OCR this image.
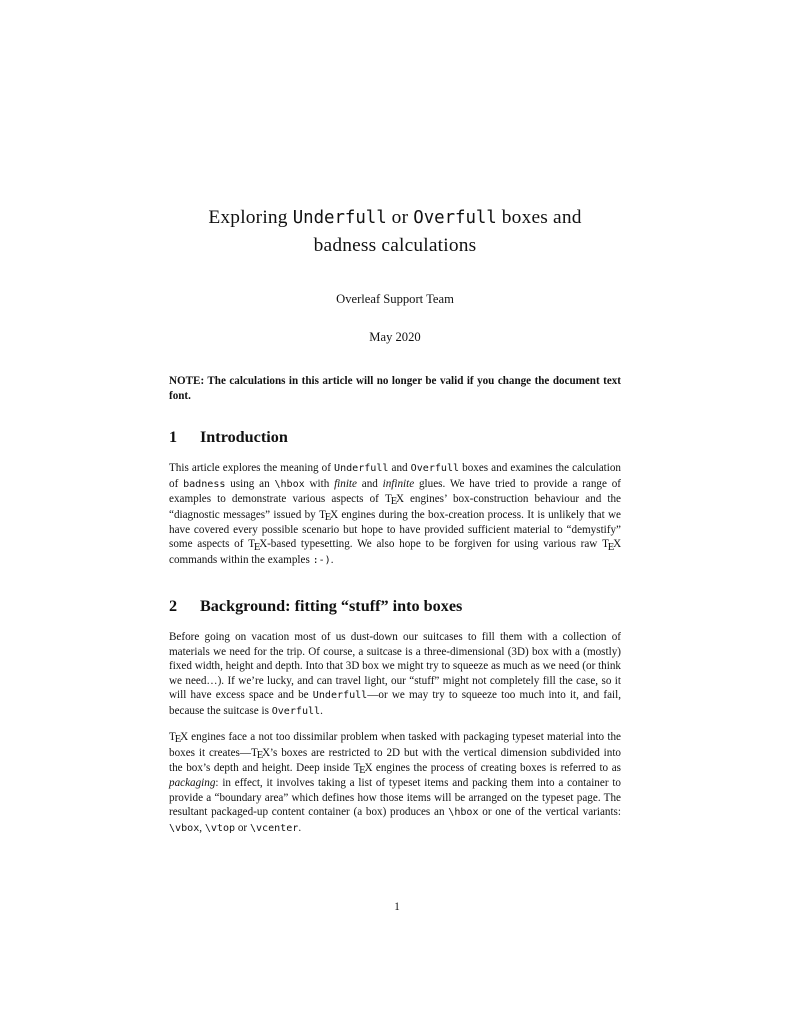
Exploring Underfull or Overfull boxes and
badness calculations

Overleaf Support Team

May 2020

NOTE: The calculations in this article will no longer be valid if you change the document text font.

1	Introduction

This article explores the meaning of Underfull and Overfull boxes and examines the calculation of badness using an \hbox with finite and infinite glues. We have tried to provide a range of examples to demonstrate various aspects of TEX engines’ box-construction behaviour and the “diagnostic messages” issued by TEX engines during the box-creation process. It is unlikely that we have covered every possible scenario but hope to have provided sufficient material to “demystify” some aspects of TEX-based typesetting. We also hope to be forgiven for using various raw TEX commands within the examples :-).

2	Background: fitting “stuff” into boxes

Before going on vacation most of us dust-down our suitcases to fill them with a collection of materials we need for the trip. Of course, a suitcase is a three-dimensional (3D) box with a (mostly) fixed width, height and depth. Into that 3D box we might try to squeeze as much as we need (or think we need…). If we’re lucky, and can travel light, our “stuff” might not completely fill the case, so it will have excess space and be Underfull—or we may try to squeeze too much into it, and fail, because the suitcase is Overfull.

TEX engines face a not too dissimilar problem when tasked with packaging typeset material into the boxes it creates—TEX’s boxes are restricted to 2D but with the vertical dimension subdivided into the box’s depth and height. Deep inside TEX engines the process of creating boxes is referred to as packaging: in effect, it involves taking a list of typeset items and packing them into a container to provide a “boundary area” which defines how those items will be arranged on the typeset page. The resultant packaged-up content container (a box) produces an \hbox or one of the vertical variants: \vbox, \vtop or \vcenter.

1
